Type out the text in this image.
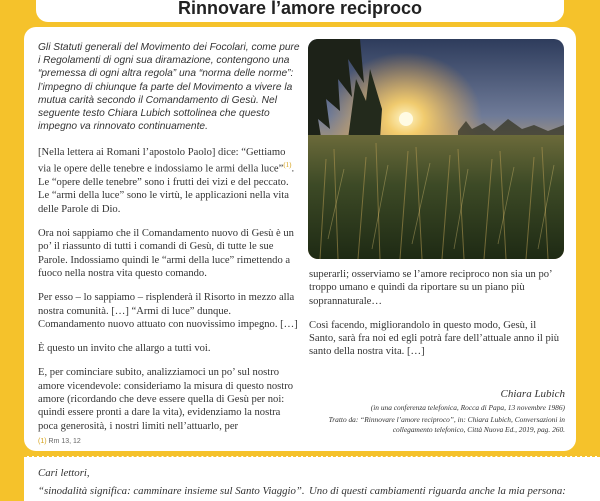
Rinnovare l’amore reciproco

Gli Statuti generali del Movimento dei Focolari, come pure i Regolamenti di ogni sua diramazione, contengono una “premessa di ogni altra regola” una “norma delle norme”: l’impegno di chiunque fa parte del Movimento a vivere la mutua carità secondo il Comandamento di Gesù. Nel seguente testo Chiara Lubich sottolinea che questo impegno va rinnovato continuamente.

[Nella lettera ai Romani l’apostolo Paolo] dice: “Gettiamo via le opere delle tenebre e indossiamo le armi della luce”$^{(1)}$. Le “opere delle tenebre” sono i frutti dei vizi e del peccato. Le “armi della luce” sono le virtù, le applicazioni nella vita delle Parole di Dio.

Ora noi sappiamo che il Comandamento nuovo di Gesù è un po’ il riassunto di tutti i comandi di Gesù, di tutte le sue Parole. Indossiamo quindi le “armi della luce” rimettendo a fuoco nella nostra vita questo comando.

Per esso – lo sappiamo – risplenderà il Risorto in mezzo alla nostra comunità. […] “Armi di luce” dunque. Comandamento nuovo attuato con nuovissimo impegno. […]

È questo un invito che allargo a tutti voi.

E, per cominciare subito, analizziamoci un po’ sul nostro amore vicendevole: consideriamo la misura di questo nostro amore (ricordando che deve essere quella di Gesù per noi: quindi essere pronti a dare la vita), evidenziamo la nostra poca generosità, i nostri limiti nell’attuarlo, per

superarli; osserviamo se l’amore reciproco non sia un po’ troppo umano e quindi da riportare su un piano più soprannaturale…

Così facendo, migliorandolo in questo modo, Gesù, il Santo, sarà fra noi ed egli potrà fare dell’attuale anno il più santo della nostra vita. […]

Chiara Lubich
(in una conferenza telefonica, Rocca di Papa, 13 novembre 1986)
Tratto da: “Rinnovare l’amore reciproco”, in: Chiara Lubich, Conversazioni in
collegamento telefonico, Città Nuova Ed., 2019, pag. 260.
(1) Rm 13, 12
Cari lettori,
“sinodalità significa: camminare insieme sul Santo Viaggio”. Uno di questi cambiamenti riguarda anche la mia persona:
